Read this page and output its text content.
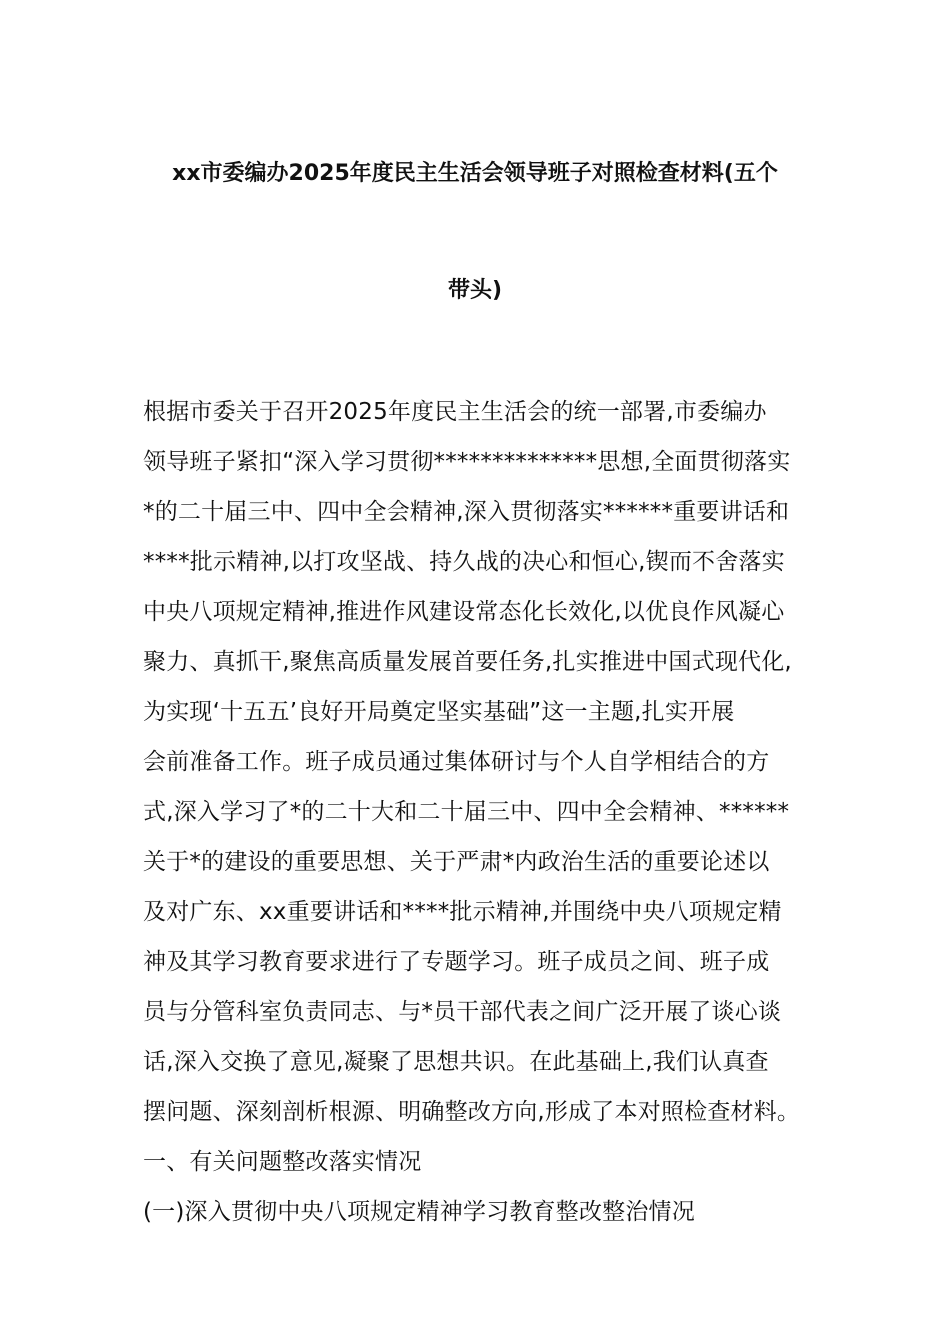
xx市委编办2025年度民主生活会领导班子对照检查材料(五个
带头)
根据市委关于召开2025年度民主生活会的统一部署,市委编办
领导班子紧扣“深入学习贯彻**************思想,全面贯彻落实
*的二十届三中、四中全会精神,深入贯彻落实******重要讲话和
****批示精神,以打攻坚战、持久战的决心和恒心,锲而不舍落实
中央八项规定精神,推进作风建设常态化长效化,以优良作风凝心
聚力、真抓干,聚焦高质量发展首要任务,扎实推进中国式现代化,
为实现‘十五五’良好开局奠定坚实基础”这一主题,扎实开展
会前准备工作。班子成员通过集体研讨与个人自学相结合的方
式,深入学习了*的二十大和二十届三中、四中全会精神、******
关于*的建设的重要思想、关于严肃*内政治生活的重要论述以
及对广东、xx重要讲话和****批示精神,并围绕中央八项规定精
神及其学习教育要求进行了专题学习。班子成员之间、班子成
员与分管科室负责同志、与*员干部代表之间广泛开展了谈心谈
话,深入交换了意见,凝聚了思想共识。在此基础上,我们认真查
摆问题、深刻剖析根源、明确整改方向,形成了本对照检查材料。
一、有关问题整改落实情况
(一)深入贯彻中央八项规定精神学习教育整改整治情况
